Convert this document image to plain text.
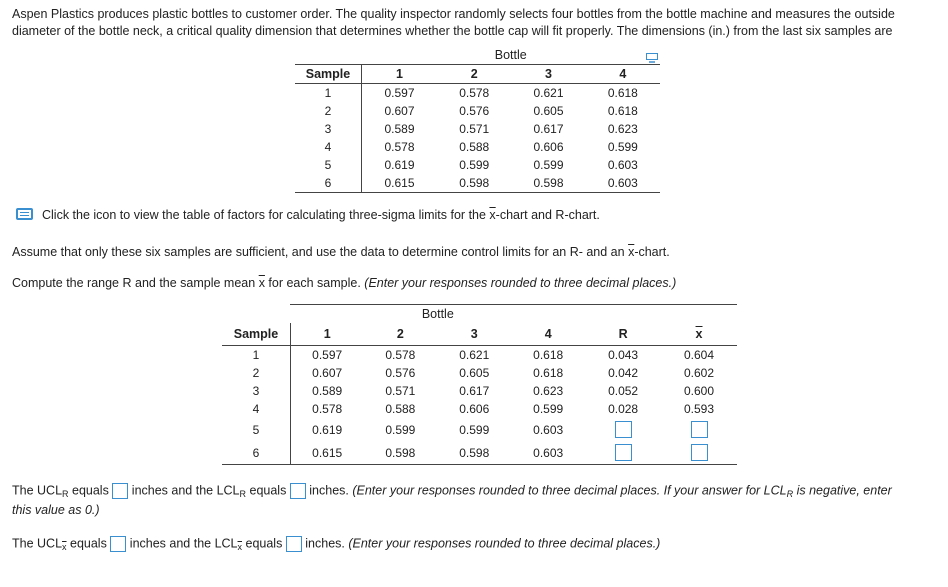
Aspen Plastics produces plastic bottles to customer order. The quality inspector randomly selects four bottles from the bottle machine and measures the outside
diameter of the bottle neck, a critical quality dimension that determines whether the bottle cap will fit properly. The dimensions (in.) from the last six samples are
	Bottle			
Sample	1	2	3	4
1	0.597	0.578	0.621	0.618
2	0.607	0.576	0.605	0.618
3	0.589	0.571	0.617	0.623
4	0.578	0.588	0.606	0.599
5	0.619	0.599	0.599	0.603
6	0.615	0.598	0.598	0.603
Click the icon to view the table of factors for calculating three-sigma limits for the $\overline{x}$-chart and R-chart.
Assume that only these six samples are sufficient, and use the data to determine control limits for an R- and an $\overline{x}$-chart.
Compute the range R and the sample mean $\overline{x}$ for each sample. (Enter your responses rounded to three decimal places.)
	Bottle					
Sample	1	2	3	4	R	$\overline{x}$
1	0.597	0.578	0.621	0.618	0.043	0.604
2	0.607	0.576	0.605	0.618	0.042	0.602
3	0.589	0.571	0.617	0.623	0.052	0.600
4	0.578	0.588	0.606	0.599	0.028	0.593
5	0.619	0.599	0.599	0.603		
6	0.615	0.598	0.598	0.603		
The $UCL_R$ equals  inches and the $LCL_R$ equals  inches. (Enter your responses rounded to three decimal places. If your answer for $LCL_R$ is negative, enter
this value as 0.)
The $UCL_{\overline{x}}$ equals  inches and the $LCL_{\overline{x}}$ equals  inches. (Enter your responses rounded to three decimal places.)
